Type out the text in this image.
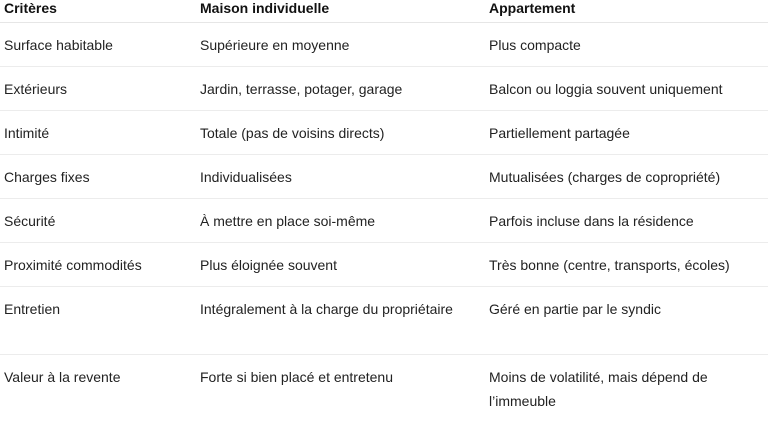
Critères	Maison individuelle	Appartement
Surface habitable	Supérieure en moyenne	Plus compacte
Extérieurs	Jardin, terrasse, potager, garage	Balcon ou loggia souvent uniquement
Intimité	Totale (pas de voisins directs)	Partiellement partagée
Charges fixes	Individualisées	Mutualisées (charges de copropriété)
Sécurité	À mettre en place soi-même	Parfois incluse dans la résidence
Proximité commodités	Plus éloignée souvent	Très bonne (centre, transports, écoles)
Entretien	Intégralement à la charge du propriétaire	Géré en partie par le syndic
Valeur à la revente	Forte si bien placé et entretenu	Moins de volatilité, mais dépend de l’immeuble
